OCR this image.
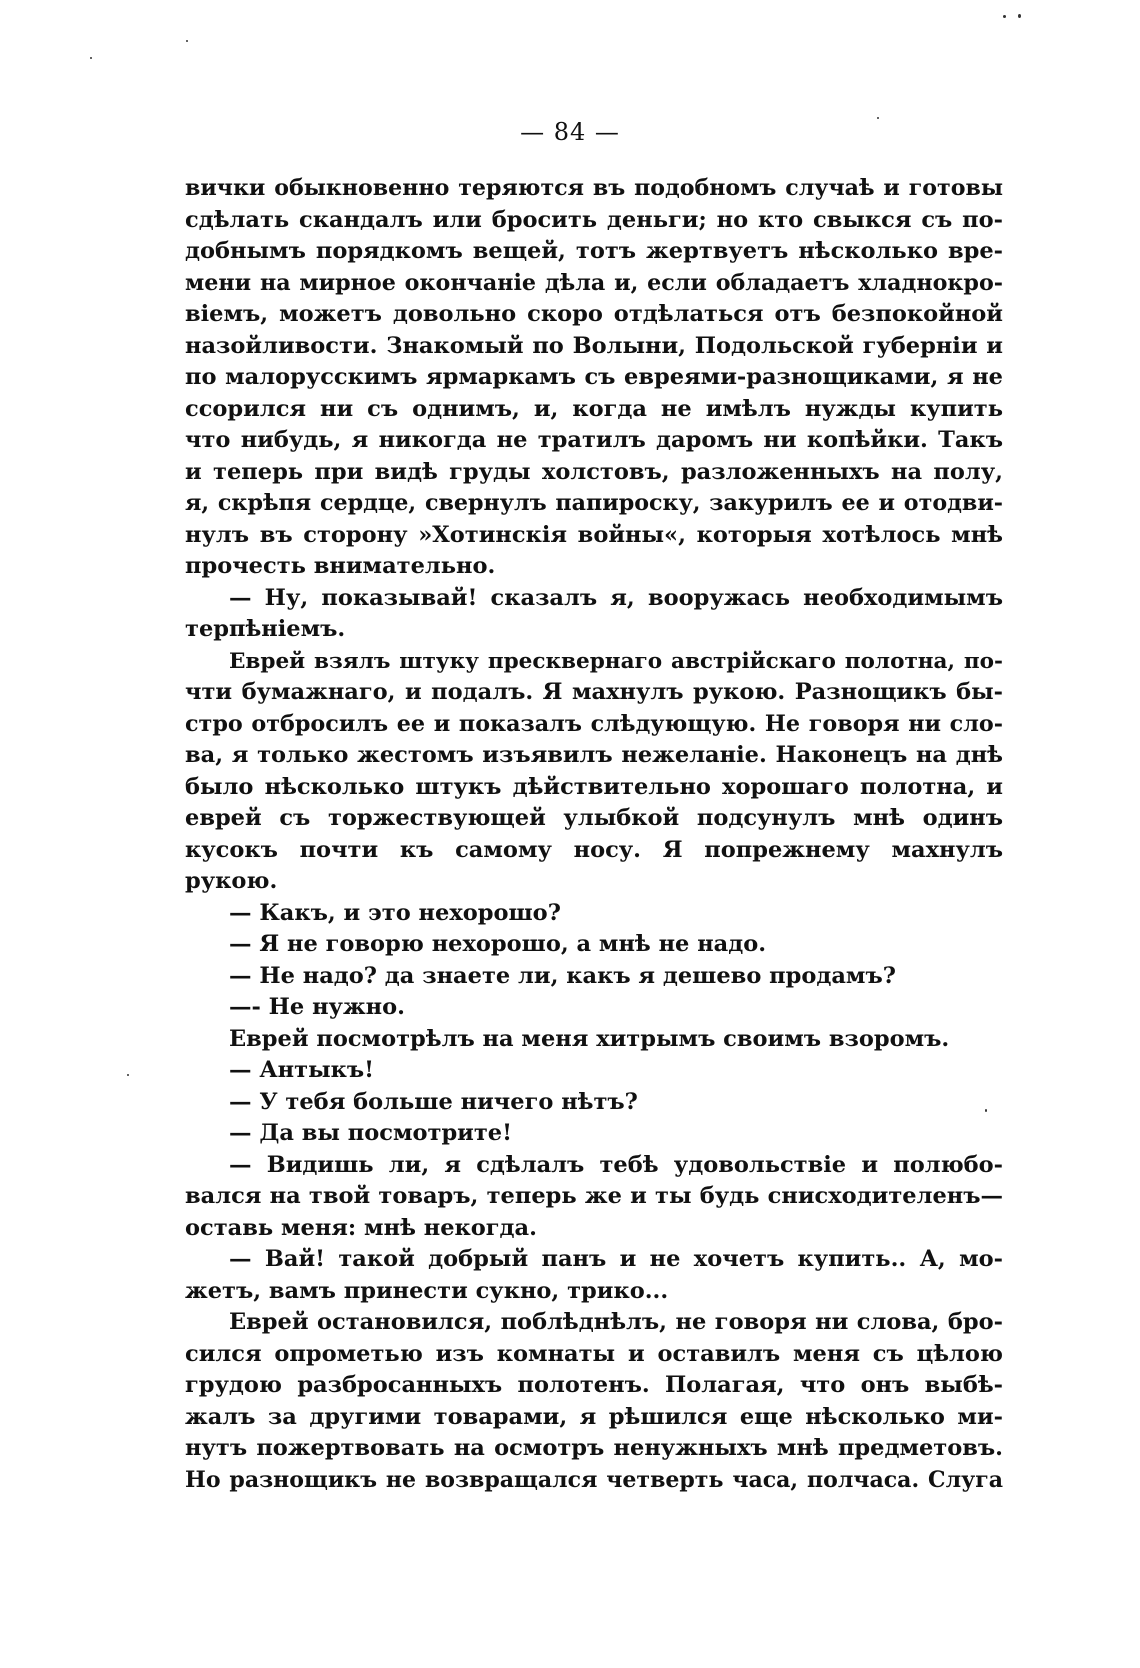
— 84 —
вички обыкновенно теряются въ подобномъ случаѣ и готовы
сдѣлать скандалъ или бросить деньги; но кто свыкся съ по-
добнымъ порядкомъ вещей, тотъ жертвуетъ нѣсколько вре-
мени на мирное окончаніе дѣла и, если обладаетъ хладнокро-
віемъ, можетъ довольно скоро отдѣлаться отъ безпокойной
назойливости. Знакомый по Волыни, Подольской губерніи и
по малорусскимъ ярмаркамъ съ евреями-разнощиками, я не
ссорился ни съ однимъ, и, когда не имѣлъ нужды купить
что нибудь, я никогда не тратилъ даромъ ни копѣйки. Такъ
и теперь при видѣ груды холстовъ, разложенныхъ на полу,
я, скрѣпя сердце, свернулъ папироску, закурилъ ее и отодви-
нулъ въ сторону »Хотинскія войны«, которыя хотѣлось мнѣ
прочесть внимательно.
— Ну, показывай! сказалъ я, вооружась необходимымъ
терпѣніемъ.
Еврей взялъ штуку пресквернаго австрійскаго полотна, по-
чти бумажнаго, и подалъ. Я махнулъ рукою. Разнощикъ бы-
стро отбросилъ ее и показалъ слѣдующую. Не говоря ни сло-
ва, я только жестомъ изъявилъ нежеланіе. Наконецъ на днѣ
было нѣсколько штукъ дѣйствительно хорошаго полотна, и
еврей съ торжествующей улыбкой подсунулъ мнѣ одинъ
кусокъ почти къ самому носу. Я попрежнему махнулъ
рукою.
— Какъ, и это нехорошо?
— Я не говорю нехорошо, а мнѣ не надо.
— Не надо? да знаете ли, какъ я дешево продамъ?
—- Не нужно.
Еврей посмотрѣлъ на меня хитрымъ своимъ взоромъ.
— Антыкъ!
— У тебя больше ничего нѣтъ?
— Да вы посмотрите!
— Видишь ли, я сдѣлалъ тебѣ удовольствіе и полюбо-
вался на твой товаръ, теперь же и ты будь снисходителенъ—
оставь меня: мнѣ некогда.
— Вай! такой добрый панъ и не хочетъ купить.. А, мо-
жетъ, вамъ принести сукно, трико...
Еврей остановился, поблѣднѣлъ, не говоря ни слова, бро-
сился опрометью изъ комнаты и оставилъ меня съ цѣлою
грудою разбросанныхъ полотенъ. Полагая, что онъ выбѣ-
жалъ за другими товарами, я рѣшился еще нѣсколько ми-
нутъ пожертвовать на осмотръ ненужныхъ мнѣ предметовъ.
Но разнощикъ не возвращался четверть часа, полчаса. Слуга
